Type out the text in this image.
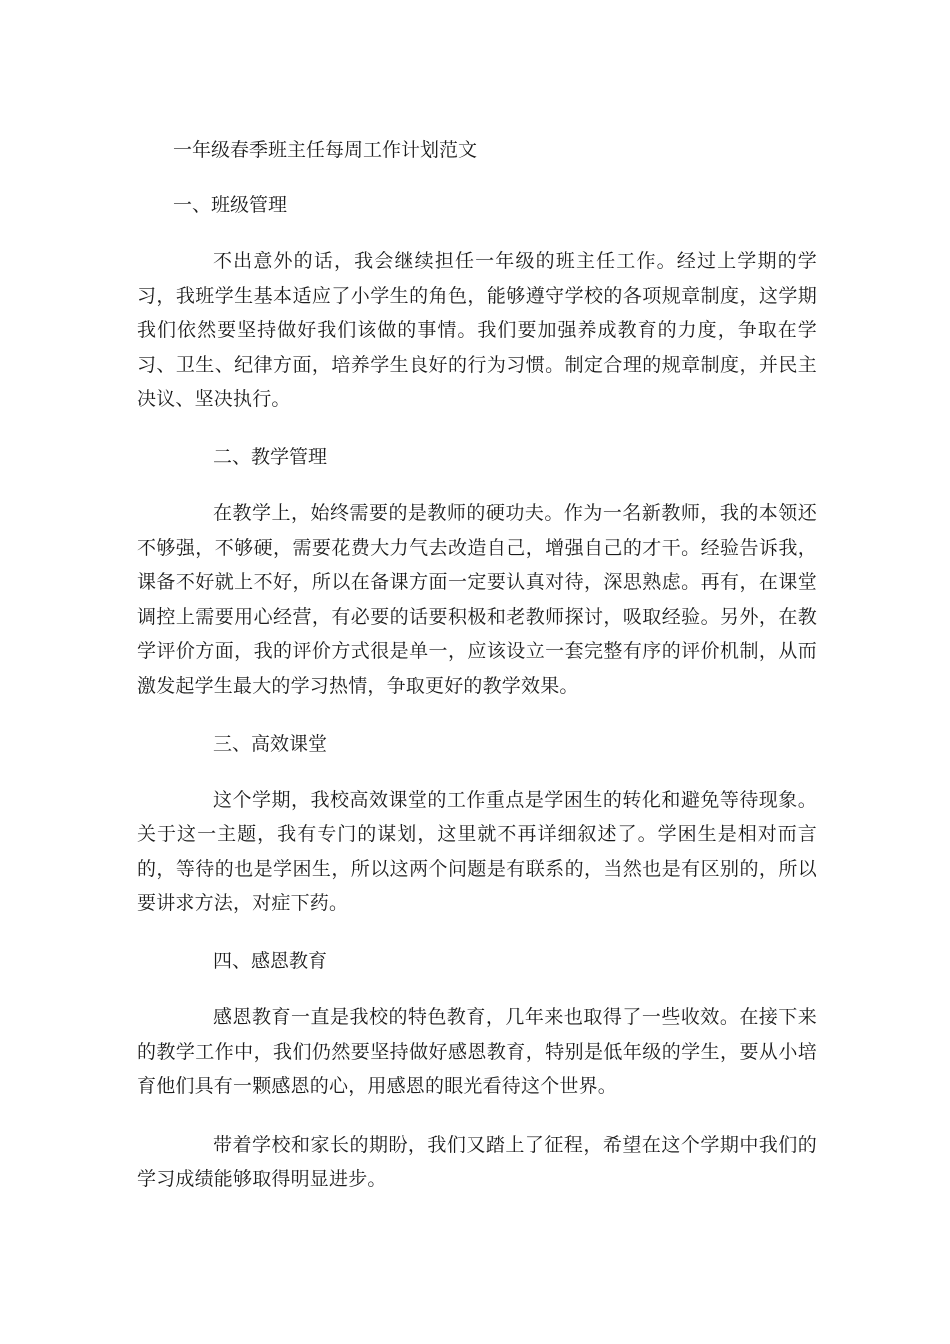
一年级春季班主任每周工作计划范文
一、班级管理

不出意外的话，我会继续担任一年级的班主任工作。经过上学期的学习，我班学生基本适应了小学生的角色，能够遵守学校的各项规章制度，这学期我们依然要坚持做好我们该做的事情。我们要加强养成教育的力度，争取在学习、卫生、纪律方面，培养学生良好的行为习惯。制定合理的规章制度，并民主决议、坚决执行。

二、教学管理

在教学上，始终需要的是教师的硬功夫。作为一名新教师，我的本领还不够强，不够硬，需要花费大力气去改造自己，增强自己的才干。经验告诉我，课备不好就上不好，所以在备课方面一定要认真对待，深思熟虑。再有，在课堂调控上需要用心经营，有必要的话要积极和老教师探讨，吸取经验。另外，在教学评价方面，我的评价方式很是单一，应该设立一套完整有序的评价机制，从而激发起学生最大的学习热情，争取更好的教学效果。

三、高效课堂

这个学期，我校高效课堂的工作重点是学困生的转化和避免等待现象。关于这一主题，我有专门的谋划，这里就不再详细叙述了。学困生是相对而言的，等待的也是学困生，所以这两个问题是有联系的，当然也是有区别的，所以要讲求方法，对症下药。

四、感恩教育

感恩教育一直是我校的特色教育，几年来也取得了一些收效。在接下来的教学工作中，我们仍然要坚持做好感恩教育，特别是低年级的学生，要从小培育他们具有一颗感恩的心，用感恩的眼光看待这个世界。

带着学校和家长的期盼，我们又踏上了征程，希望在这个学期中我们的学习成绩能够取得明显进步。
